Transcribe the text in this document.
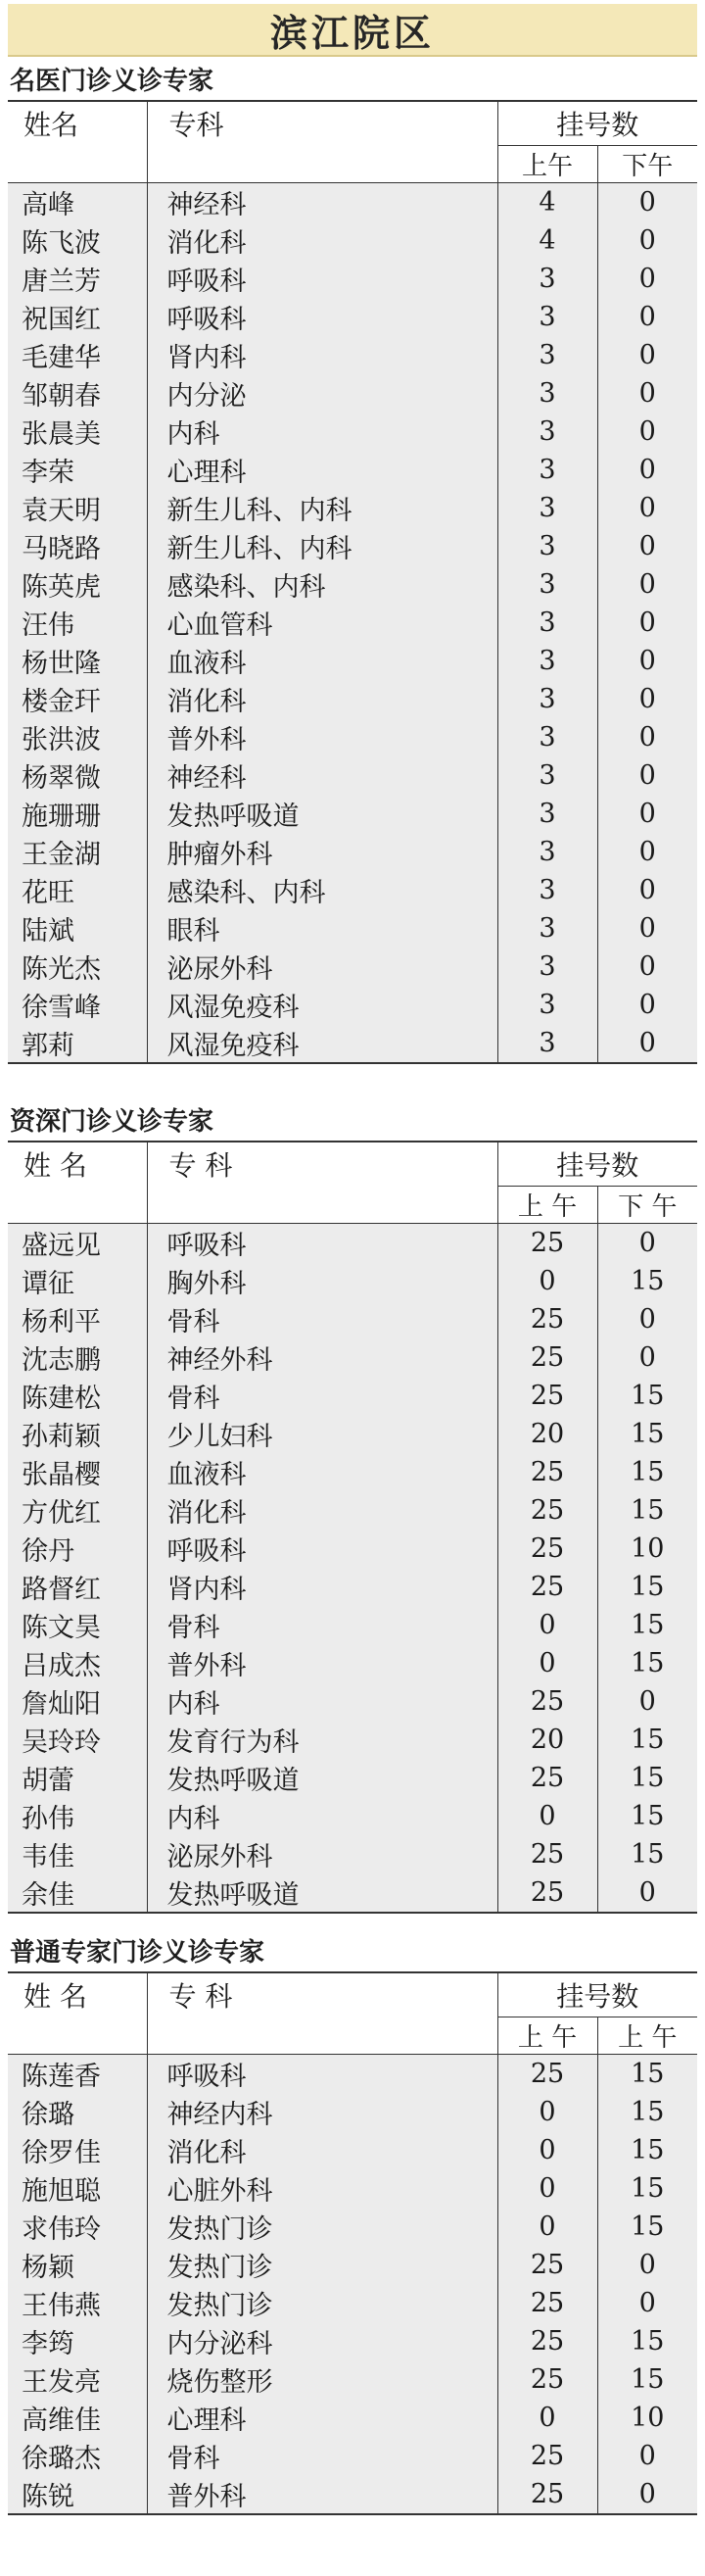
滨江院区
名医门诊义诊专家
姓名	专科	挂号数	
		上午	下午
高峰	神经科	4	0
陈飞波	消化科	4	0
唐兰芳	呼吸科	3	0
祝国红	呼吸科	3	0
毛建华	肾内科	3	0
邹朝春	内分泌	3	0
张晨美	内科	3	0
李荣	心理科	3	0
袁天明	新生儿科、内科	3	0
马晓路	新生儿科、内科	3	0
陈英虎	感染科、内科	3	0
汪伟	心血管科	3	0
杨世隆	血液科	3	0
楼金玕	消化科	3	0
张洪波	普外科	3	0
杨翠微	神经科	3	0
施珊珊	发热呼吸道	3	0
王金湖	肿瘤外科	3	0
花旺	感染科、内科	3	0
陆斌	眼科	3	0
陈光杰	泌尿外科	3	0
徐雪峰	风湿免疫科	3	0
郭莉	风湿免疫科	3	0
资深门诊义诊专家
姓 名	专 科	挂号数	
		上 午	下 午
盛远见	呼吸科	25	0
谭征	胸外科	0	15
杨利平	骨科	25	0
沈志鹏	神经外科	25	0
陈建松	骨科	25	15
孙莉颖	少儿妇科	20	15
张晶樱	血液科	25	15
方优红	消化科	25	15
徐丹	呼吸科	25	10
路督红	肾内科	25	15
陈文昊	骨科	0	15
吕成杰	普外科	0	15
詹灿阳	内科	25	0
吴玲玲	发育行为科	20	15
胡蕾	发热呼吸道	25	15
孙伟	内科	0	15
韦佳	泌尿外科	25	15
余佳	发热呼吸道	25	0
普通专家门诊义诊专家
姓 名	专 科	挂号数	
		上 午	上 午
陈莲香	呼吸科	25	15
徐璐	神经内科	0	15
徐罗佳	消化科	0	15
施旭聪	心脏外科	0	15
求伟玲	发热门诊	0	15
杨颖	发热门诊	25	0
王伟燕	发热门诊	25	0
李筠	内分泌科	25	15
王发亮	烧伤整形	25	15
高维佳	心理科	0	10
徐璐杰	骨科	25	0
陈锐	普外科	25	0
